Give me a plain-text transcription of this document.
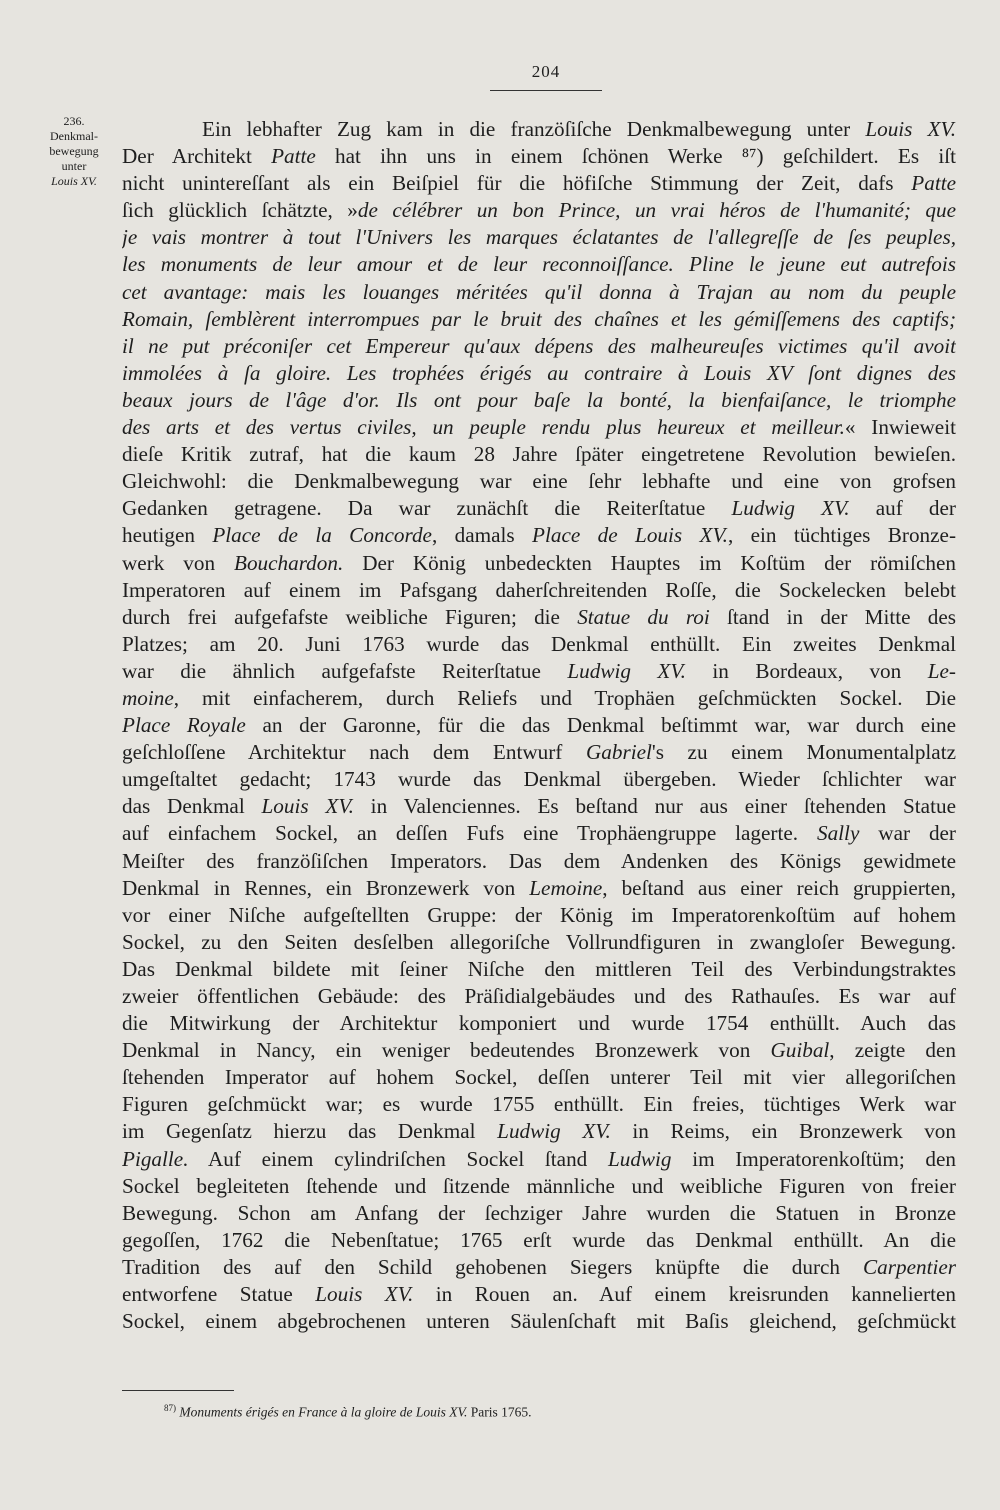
204
236.
Denkmal-
bewegung
unter
Louis XV.
Ein lebhafter Zug kam in die franzöſiſche Denkmalbewegung unter Louis XV.
Der Architekt Patte hat ihn uns in einem ſchönen Werke ⁸⁷) geſchildert. Es iſt
nicht unintereſſant als ein Beiſpiel für die höfiſche Stimmung der Zeit, dafs Patte
ſich glücklich ſchätzte, »de célébrer un bon Prince, un vrai héros de l'humanité; que
je vais montrer à tout l'Univers les marques éclatantes de l'allegreſſe de ſes peuples,
les monuments de leur amour et de leur reconnoiſſance. Pline le jeune eut autrefois
cet avantage: mais les louanges méritées qu'il donna à Trajan au nom du peuple
Romain, ſemblèrent interrompues par le bruit des chaînes et les gémiſſemens des captifs;
il ne put préconiſer cet Empereur qu'aux dépens des malheureuſes victimes qu'il avoit
immolées à ſa gloire. Les trophées érigés au contraire à Louis XV ſont dignes des
beaux jours de l'âge d'or. Ils ont pour baſe la bonté, la bienfaiſance, le triomphe
des arts et des vertus civiles, un peuple rendu plus heureux et meilleur.« Inwieweit
dieſe Kritik zutraf, hat die kaum 28 Jahre ſpäter eingetretene Revolution bewieſen.
Gleichwohl: die Denkmalbewegung war eine ſehr lebhafte und eine von grofsen
Gedanken getragene. Da war zunächſt die Reiterſtatue Ludwig XV. auf der
heutigen Place de la Concorde, damals Place de Louis XV., ein tüchtiges Bronze-
werk von Bouchardon. Der König unbedeckten Hauptes im Koſtüm der römiſchen
Imperatoren auf einem im Pafsgang daherſchreitenden Roſſe, die Sockelecken belebt
durch frei aufgefafste weibliche Figuren; die Statue du roi ſtand in der Mitte des
Platzes; am 20. Juni 1763 wurde das Denkmal enthüllt. Ein zweites Denkmal
war die ähnlich aufgefafste Reiterſtatue Ludwig XV. in Bordeaux, von Le-
moine, mit einfacherem, durch Reliefs und Trophäen geſchmückten Sockel. Die
Place Royale an der Garonne, für die das Denkmal beſtimmt war, war durch eine
geſchloſſene Architektur nach dem Entwurf Gabriel's zu einem Monumentalplatz
umgeſtaltet gedacht; 1743 wurde das Denkmal übergeben. Wieder ſchlichter war
das Denkmal Louis XV. in Valenciennes. Es beſtand nur aus einer ſtehenden Statue
auf einfachem Sockel, an deſſen Fufs eine Trophäengruppe lagerte. Sally war der
Meiſter des franzöſiſchen Imperators. Das dem Andenken des Königs gewidmete
Denkmal in Rennes, ein Bronzewerk von Lemoine, beſtand aus einer reich gruppierten,
vor einer Niſche aufgeſtellten Gruppe: der König im Imperatorenkoſtüm auf hohem
Sockel, zu den Seiten desſelben allegoriſche Vollrundfiguren in zwangloſer Bewegung.
Das Denkmal bildete mit ſeiner Niſche den mittleren Teil des Verbindungstraktes
zweier öffentlichen Gebäude: des Präſidialgebäudes und des Rathauſes. Es war auf
die Mitwirkung der Architektur komponiert und wurde 1754 enthüllt. Auch das
Denkmal in Nancy, ein weniger bedeutendes Bronzewerk von Guibal, zeigte den
ſtehenden Imperator auf hohem Sockel, deſſen unterer Teil mit vier allegoriſchen
Figuren geſchmückt war; es wurde 1755 enthüllt. Ein freies, tüchtiges Werk war
im Gegenſatz hierzu das Denkmal Ludwig XV. in Reims, ein Bronzewerk von
Pigalle. Auf einem cylindriſchen Sockel ſtand Ludwig im Imperatorenkoſtüm; den
Sockel begleiteten ſtehende und ſitzende männliche und weibliche Figuren von freier
Bewegung. Schon am Anfang der ſechziger Jahre wurden die Statuen in Bronze
gegoſſen, 1762 die Nebenſtatue; 1765 erſt wurde das Denkmal enthüllt. An die
Tradition des auf den Schild gehobenen Siegers knüpfte die durch Carpentier
entworfene Statue Louis XV. in Rouen an. Auf einem kreisrunden kannelierten
Sockel, einem abgebrochenen unteren Säulenſchaft mit Baſis gleichend, geſchmückt
$^{87)}$ Monuments érigés en France à la gloire de Louis XV. Paris 1765.
